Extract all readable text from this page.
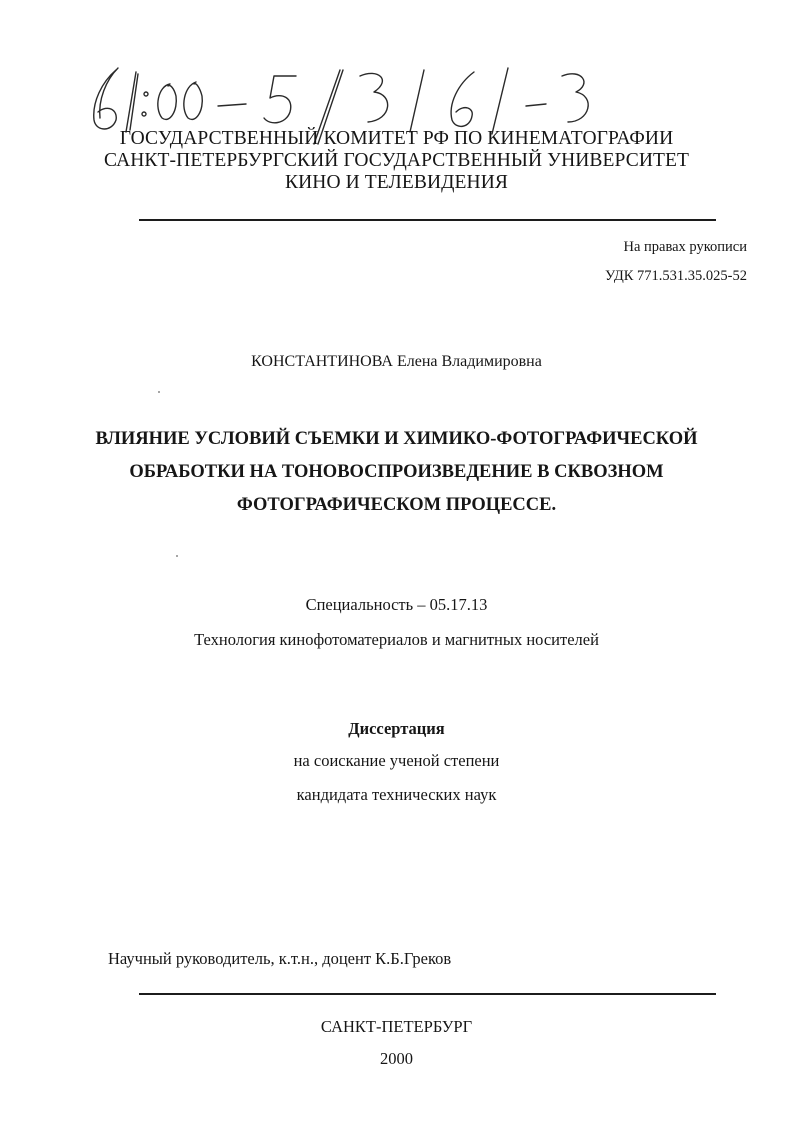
61:00-5/3161-3
ГОСУДАРСТВЕННЫЙ КОМИТЕТ РФ ПО КИНЕМАТОГРАФИИ
САНКТ-ПЕТЕРБУРГСКИЙ ГОСУДАРСТВЕННЫЙ УНИВЕРСИТЕТ
КИНО И ТЕЛЕВИДЕНИЯ
На правах рукописи
УДК 771.531.35.025-52
КОНСТАНТИНОВА Елена Владимировна
ВЛИЯНИЕ УСЛОВИЙ СЪЕМКИ И ХИМИКО-ФОТОГРАФИЧЕСКОЙ
ОБРАБОТКИ НА ТОНОВОСПРОИЗВЕДЕНИЕ В СКВОЗНОМ
ФОТОГРАФИЧЕСКОМ ПРОЦЕССЕ.
Специальность – 05.17.13
Технология кинофотоматериалов и магнитных носителей
Диссертация
на соискание ученой степени
кандидата технических наук
Научный руководитель, к.т.н., доцент К.Б.Греков
САНКТ-ПЕТЕРБУРГ
2000
